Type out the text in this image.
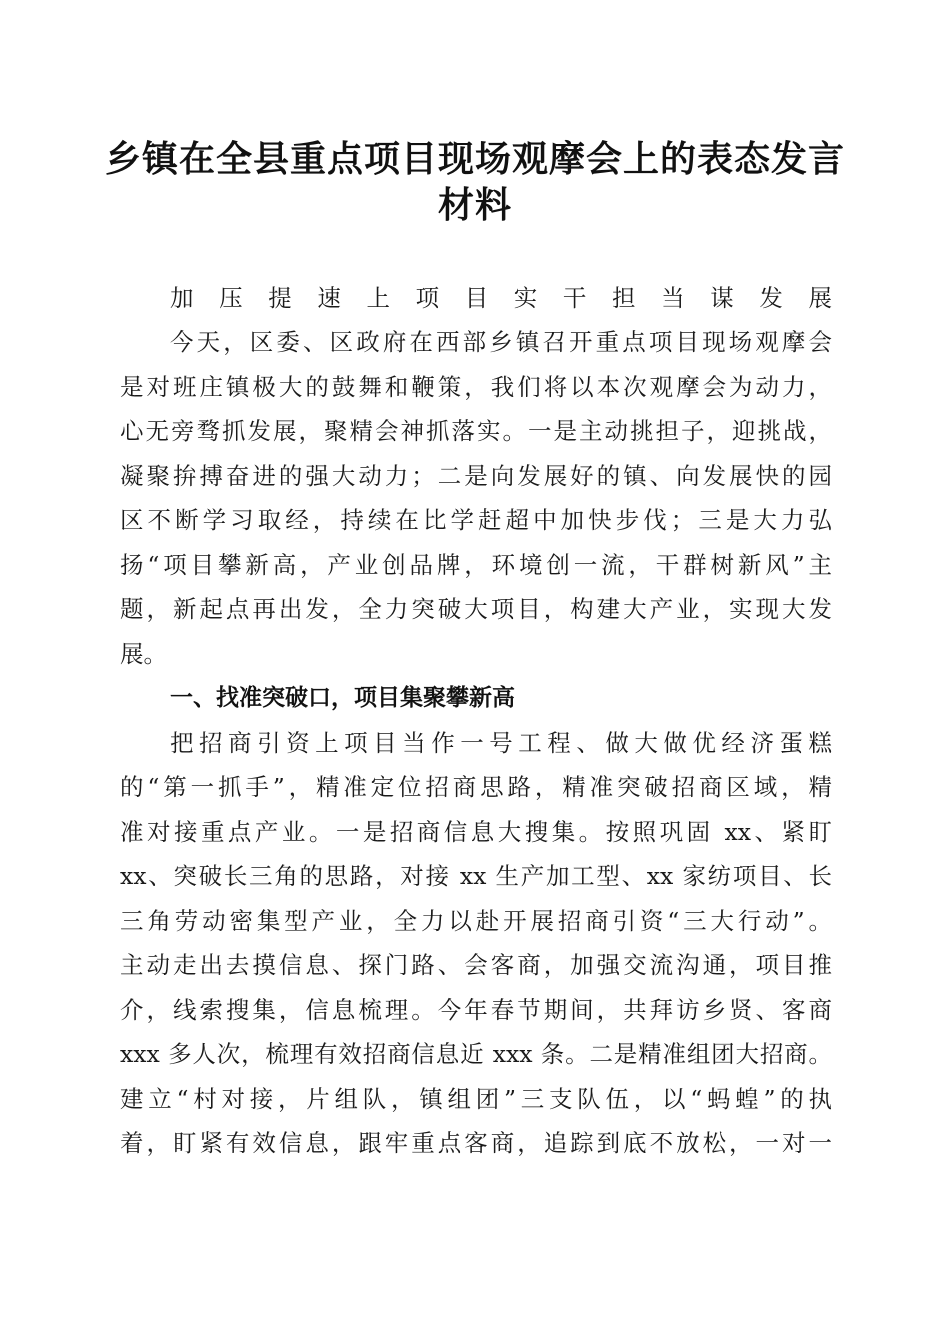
乡镇在全县重点项目现场观摩会上的表态发言
材料
加压提速上项目实干担当谋发展
今天，区委、区政府在西部乡镇召开重点项目现场观摩会
是对班庄镇极大的鼓舞和鞭策，我们将以本次观摩会为动力，
心无旁骛抓发展，聚精会神抓落实。一是主动挑担子，迎挑战，
凝聚拚搏奋进的强大动力；二是向发展好的镇、向发展快的园
区不断学习取经，持续在比学赶超中加快步伐；三是大力弘
扬“项目攀新高，产业创品牌，环境创一流，干群树新风”主
题，新起点再出发，全力突破大项目，构建大产业，实现大发
展。
一、找准突破口，项目集聚攀新高
把招商引资上项目当作一号工程、做大做优经济蛋糕
的“第一抓手”，精准定位招商思路，精准突破招商区域，精
准对接重点产业。一是招商信息大搜集。按照巩固 xx、紧盯
xx、突破长三角的思路，对接 xx 生产加工型、xx 家纺项目、长
三角劳动密集型产业，全力以赴开展招商引资“三大行动”。
主动走出去摸信息、探门路、会客商，加强交流沟通，项目推
介，线索搜集，信息梳理。今年春节期间，共拜访乡贤、客商
xxx 多人次，梳理有效招商信息近 xxx 条。二是精准组团大招商。
建立“村对接，片组队，镇组团”三支队伍，以“蚂蝗”的执
着，盯紧有效信息，跟牢重点客商，追踪到底不放松，一对一
